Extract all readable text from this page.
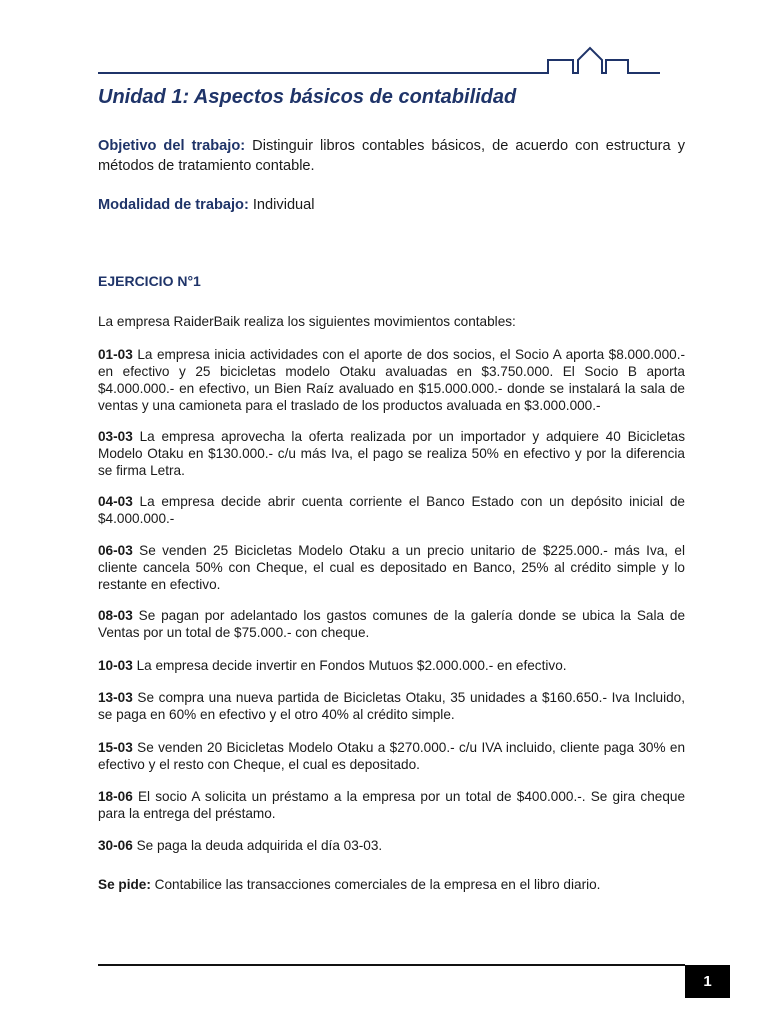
Unidad 1: Aspectos básicos de contabilidad
Objetivo del trabajo: Distinguir libros contables básicos, de acuerdo con estructura y métodos de tratamiento contable.
Modalidad de trabajo: Individual
EJERCICIO N°1
La empresa RaiderBaik realiza los siguientes movimientos contables:
01-03 La empresa inicia actividades con el aporte de dos socios, el Socio A aporta $8.000.000.- en efectivo y 25 bicicletas modelo Otaku avaluadas en $3.750.000. El Socio B aporta $4.000.000.- en efectivo, un Bien Raíz avaluado en $15.000.000.- donde se instalará la sala de ventas y una camioneta para el traslado de los productos avaluada en $3.000.000.-
03-03 La empresa aprovecha la oferta realizada por un importador y adquiere 40 Bicicletas Modelo Otaku en $130.000.- c/u más Iva, el pago se realiza 50% en efectivo y por la diferencia se firma Letra.
04-03 La empresa decide abrir cuenta corriente el Banco Estado con un depósito inicial de $4.000.000.-
06-03 Se venden 25 Bicicletas Modelo Otaku a un precio unitario de $225.000.- más Iva, el cliente cancela 50% con Cheque, el cual es depositado en Banco, 25% al crédito simple y lo restante en efectivo.
08-03 Se pagan por adelantado los gastos comunes de la galería donde se ubica la Sala de Ventas por un total de $75.000.- con cheque.
10-03 La empresa decide invertir en Fondos Mutuos $2.000.000.- en efectivo.
13-03 Se compra una nueva partida de Bicicletas Otaku, 35 unidades a $160.650.- Iva Incluido, se paga en 60% en efectivo y el otro 40% al crédito simple.
15-03 Se venden 20 Bicicletas Modelo Otaku a $270.000.- c/u IVA incluido, cliente paga 30% en efectivo y el resto con Cheque, el cual es depositado.
18-06 El socio A solicita un préstamo a la empresa por un total de $400.000.-. Se gira cheque para la entrega del préstamo.
30-06 Se paga la deuda adquirida el día 03-03.
Se pide: Contabilice las transacciones comerciales de la empresa en el libro diario.
1
